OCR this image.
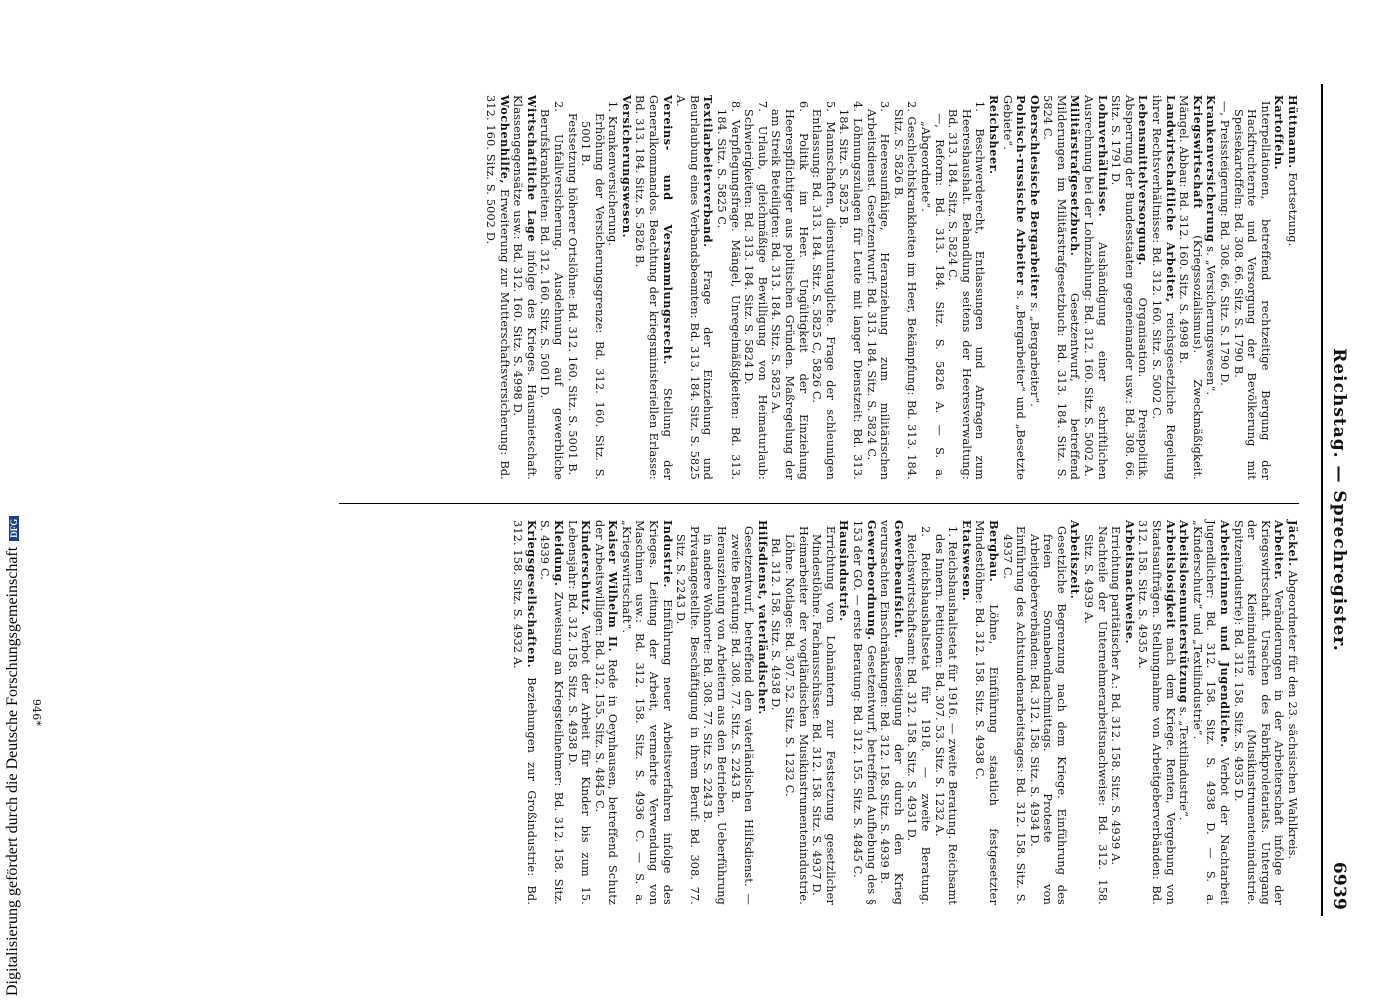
Reichstag. — Sprechregister.
6939

Hüttmann. Fortsetzung.

Kartoffeln.

Interpellationen, betreffend rechtzeitige Bergung der Hackfruchternte und Versorgung der Bevölkerung mit Speisekartoffeln: Bd. 308. 66. Sitz. S. 1790 B.

—, Preissteigerung: Bd. 308. 66. Sitz. S. 1790 D.

Krankenversicherung s. „Versicherungswesen“.

Kriegswirtschaft (Kriegssozialismus). Zweckmäßigkeit. Mängel. Abbau: Bd. 312. 160. Sitz. S. 4998 B.

Landwirtschaftliche Arbeiter, reichsgesetzliche Regelung ihrer Rechtsverhältnisse: Bd. 312. 160. Sitz. S. 5002 C.

Lebensmittelversorgung. Organisation. Preispolitik. Absperrung der Bundesstaaten gegeneinander usw.: Bd. 308. 66. Sitz. S. 1791 D.

Lohnverhältnisse. Aushändigung einer schriftlichen Ausrechnung bei der Lohnzahlung: Bd. 312. 160. Sitz. S. 5002 A.

Militärstrafgesetzbuch. Gesetzentwurf, betreffend Milderungen im Militärstrafgesetzbuch: Bd. 313. 184. Sitz. S. 5824 C.

Oberschlesische Bergarbeiter s. „Bergarbeiter“.

Polnisch-russische Arbeiter s. „Bergarbeiter“ und „Besetzte Gebiete“.

Reichsheer.

1. Beschwerderecht, Entlassungen und Anfragen zum Heereshaushalt. Behandlung seitens der Heeresverwaltung: Bd. 313. 184. Sitz. S. 5824 C.

—, Reform: Bd. 313. 184. Sitz. S. 5826 A. — S. a. „Abgeordnete“.

2. Geschlechtskrankheiten im Heer, Bekämpfung: Bd. 313. 184. Sitz. S. 5826 B.

3. Heeresunfähige, Heranziehung zum militärischen Arbeitsdienst. Gesetzentwurf: Bd. 313. 184. Sitz. S. 5824 C.

4. Löhnungszulagen für Leute mit langer Dienstzeit: Bd. 313. 184. Sitz. S. 5825 B.

5. Mannschaften, dienstuntaugliche. Frage der schleunigen Entlassung: Bd. 313. 184. Sitz. S. 5825 C, 5826 C.

6. Politik im Heer. Ungültigkeit der Einziehung Heerespflichtiger aus politischen Gründen. Maßregelung der am Streik Beteiligten: Bd. 313. 184. Sitz. S. 5825 A.

7. Urlaub, gleichmäßige Bewilligung von Heimaturlaub: Schwierigkeiten: Bd. 313. 184. Sitz. S. 5824 D.

8. Verpflegungsfrage. Mängel, Unregelmäßigkeiten: Bd. 313. 184. Sitz. S. 5825 C.

Textilarbeiterverband. Frage der Einziehung und Beurlaubung eines Verbandsbeamten: Bd. 313. 184. Sitz. S. 5825 A.

Vereins- und Versammlungsrecht. Stellung der Generalkommandos. Beachtung der kriegsministeriellen Erlasse: Bd. 313. 184. Sitz. S. 5826 B.

Versicherungswesen.

1. Krankenversicherung.

Erhöhung der Versicherungsgrenze: Bd. 312. 160. Sitz. S. 5001 B.

Festsetzung höherer Ortslöhne: Bd. 312. 160. Sitz. S. 5001 B.

2. Unfallversicherung. Ausdehnung auf gewerbliche Berufskrankheiten: Bd. 312. 160. Sitz. S. 5001 D.

Wirtschaftliche Lage infolge des Krieges. Hausmietschaft. Klassengegensätze usw.: Bd. 312. 160. Sitz. S. 4998 D.

Wochenhilfe, Erweiterung zur Mutterschaftsversicherung: Bd. 312. 160. Sitz. S. 5002 D.

Jäckel. Abgeordneter für den 23. sächsischen Wahlkreis.

Arbeiter. Veränderungen in der Arbeiterschaft infolge der Kriegswirtschaft. Ursachen des Fabrikproletariats. Untergang der Kleinindustrie (Musikinstrumentenindustrie. Spitzenindustrie): Bd. 312. 158. Sitz. S. 4935 D.

Arbeiterinnen und Jugendliche. Verbot der Nachtarbeit Jugendlicher: Bd. 312. 158. Sitz. S. 4938 D. — S. a. „Kinderschutz“ und „Textilindustrie“.

Arbeitslosenunterstützung s. „Textilindustrie“.

Arbeitslosigkeit nach dem Kriege. Renten, Vergebung von Staatsaufträgen. Stellungnahme von Arbeitgeberverbänden: Bd. 312. 158. Sitz. S. 4935 A.

Arbeitsnachweise.

Errichtung paritätischer A.: Bd. 312. 158. Sitz. S. 4939 A.

Nachteile der Unternehmerarbeitsnachweise: Bd. 312. 158. Sitz. S. 4939 A.

Arbeitszeit.

Gesetzliche Begrenzung nach dem Kriege. Einführung des freien Sonnabendnachmittags. Proteste von Arbeitgeberverbänden: Bd. 312. 158. Sitz. S. 4934 D.

Einführung des Achtstundenarbeitstages: Bd. 312. 158. Sitz. S. 4937 C.

Bergbau. Löhne, Einführung staatlich festgesetzter Mindestlöhne: Bd. 312. 158. Sitz. S. 4938 C.

Etatswesen.

1. Reichshaushaltsetat für 1916. — zweite Beratung. Reichsamt des Innern. Petitionen: Bd. 307. 53. Sitz. S. 1232 A.

2. Reichshaushaltsetat für 1918. — zweite Beratung. Reichswirtschaftsamt: Bd. 312. 158. Sitz. S. 4931 D.

Gewerbeaufsicht. Beseitigung der durch den Krieg verursachten Einschränkungen: Bd. 312. 158. Sitz. S. 4939 B.

Gewerbeordnung. Gesetzentwurf, betreffend Aufhebung des § 153 der GO. — erste Beratung: Bd. 312. 155. Sitz. S. 4845 C.

Hausindustrie.

Errichtung von Lohnämtern zur Festsetzung gesetzlicher Mindestlöhne. Fachausschüsse: Bd. 312. 158. Sitz. S. 4937 D.

Heimarbeiter der vogtländischen Musikinstrumentenindustrie. Löhne. Notlage: Bd. 307. 52. Sitz. S. 1232 C.

Bd. 312. 158. Sitz. S. 4938 D.

Hilfsdienst, vaterländischer.

Gesetzentwurf, betreffend den vaterländischen Hilfsdienst. — zweite Beratung: Bd. 308. 77. Sitz. S. 2243 B.

Herausziehung von Arbeitern aus den Betrieben. Ueberführung in andere Wohnorte: Bd. 308. 77. Sitz. S. 2243 B.

Privatangestellte. Beschäftigung in ihrem Beruf: Bd. 308. 77. Sitz. S. 2243 D.

Industrie. Einführung neuer Arbeitsverfahren infolge des Krieges. Leitung der Arbeit, vermehrte Verwendung von Maschinen usw.: Bd. 312. 158. Sitz. S. 4936 C. — S. a. „Kriegswirtschaft“.

Kaiser Wilhelm II. Rede in Oeynhausen, betreffend Schutz der Arbeitswilligen: Bd. 312. 155. Sitz. S. 4845 C.

Kinderschutz. Verbot der Arbeit für Kinder bis zum 15. Lebensjahr: Bd. 312. 158. Sitz. S. 4938 D.

Kleidung. Zuweisung an Kriegsteilnehmer: Bd. 312. 158. Sitz. S. 4939 C.

Kriegsgesellschaften. Beziehungen zur Großindustrie: Bd. 312. 158. Sitz. S. 4932 A.

946*
Digitalisierung gefördert durch die Deutsche ForschungsgemeinschaftDFG
